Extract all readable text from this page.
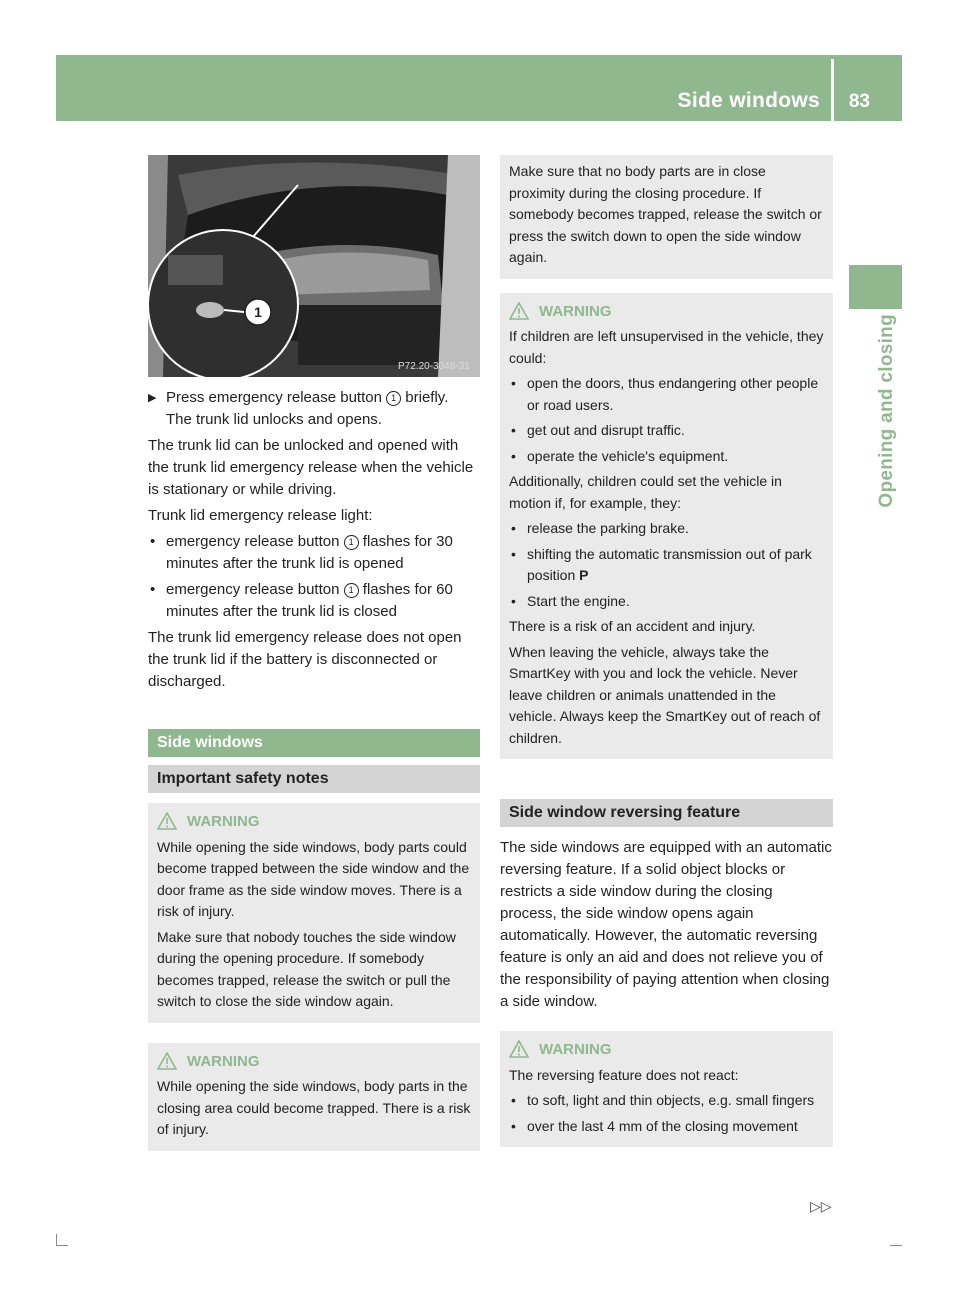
Side windows 83
Opening and closing
1
P72.20-3048-31
▶ Press emergency release button 1 briefly.

The trunk lid unlocks and opens.

The trunk lid can be unlocked and opened with the trunk lid emergency release when the vehicle is stationary or while driving.

Trunk lid emergency release light:

• emergency release button 1 flashes for 30 minutes after the trunk lid is opened
• emergency release button 1 flashes for 60 minutes after the trunk lid is closed

The trunk lid emergency release does not open the trunk lid if the battery is disconnected or discharged.

Side windows
Important safety notes
WARNING

While opening the side windows, body parts could become trapped between the side window and the door frame as the side window moves. There is a risk of injury.

Make sure that nobody touches the side window during the opening procedure. If somebody becomes trapped, release the switch or pull the switch to close the side window again.

WARNING

While opening the side windows, body parts in the closing area could become trapped. There is a risk of injury.

Make sure that no body parts are in close proximity during the closing procedure. If somebody becomes trapped, release the switch or press the switch down to open the side window again.

WARNING

If children are left unsupervised in the vehicle, they could:

• open the doors, thus endangering other people or road users.
• get out and disrupt traffic.
• operate the vehicle's equipment.

Additionally, children could set the vehicle in motion if, for example, they:

• release the parking brake.
• shifting the automatic transmission out of park position P
• Start the engine.

There is a risk of an accident and injury.

When leaving the vehicle, always take the SmartKey with you and lock the vehicle. Never leave children or animals unattended in the vehicle. Always keep the SmartKey out of reach of children.

Side window reversing feature

The side windows are equipped with an automatic reversing feature. If a solid object blocks or restricts a side window during the closing process, the side window opens again automatically. However, the automatic reversing feature is only an aid and does not relieve you of the responsibility of paying attention when closing a side window.

WARNING

The reversing feature does not react:

• to soft, light and thin objects, e.g. small fingers
• over the last 4 mm of the closing movement
▷▷
